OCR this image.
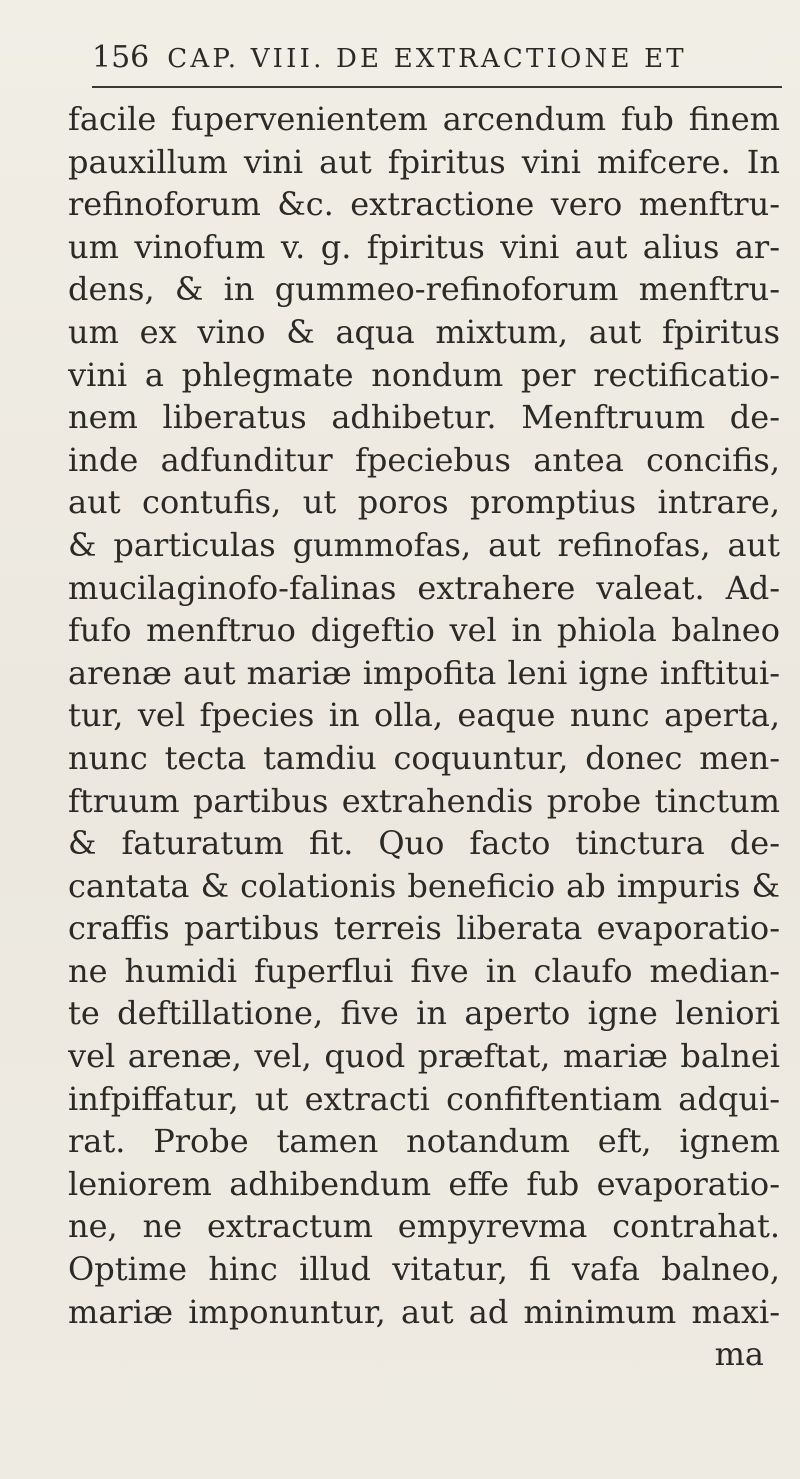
156 CAP. VIII. DE EXTRACTIONE ET
facile fupervenientem arcendum fub finem
pauxillum vini aut fpiritus vini mifcere. In
refinoforum &c. extractione vero menftru-
um vinofum v. g. fpiritus vini aut alius ar-
dens, & in gummeo-refinoforum menftru-
um ex vino & aqua mixtum, aut fpiritus
vini a phlegmate nondum per rectificatio-
nem liberatus adhibetur. Menftruum de-
inde adfunditur fpeciebus antea concifis,
aut contufis, ut poros promptius intrare,
& particulas gummofas, aut refinofas, aut
mucilaginofo-falinas extrahere valeat. Ad-
fufo menftruo digeftio vel in phiola balneo
arenæ aut mariæ impofita leni igne inftitui-
tur, vel fpecies in olla, eaque nunc aperta,
nunc tecta tamdiu coquuntur, donec men-
ftruum partibus extrahendis probe tinctum
& faturatum fit. Quo facto tinctura de-
cantata & colationis beneficio ab impuris &
craffis partibus terreis liberata evaporatio-
ne humidi fuperflui five in claufo median-
te deftillatione, five in aperto igne leniori
vel arenæ, vel, quod præftat, mariæ balnei
infpiffatur, ut extracti confiftentiam adqui-
rat. Probe tamen notandum eft, ignem
leniorem adhibendum effe fub evaporatio-
ne, ne extractum empyrevma contrahat.
Optime hinc illud vitatur, fi vafa balneo,
mariæ imponuntur, aut ad minimum maxi-
ma
